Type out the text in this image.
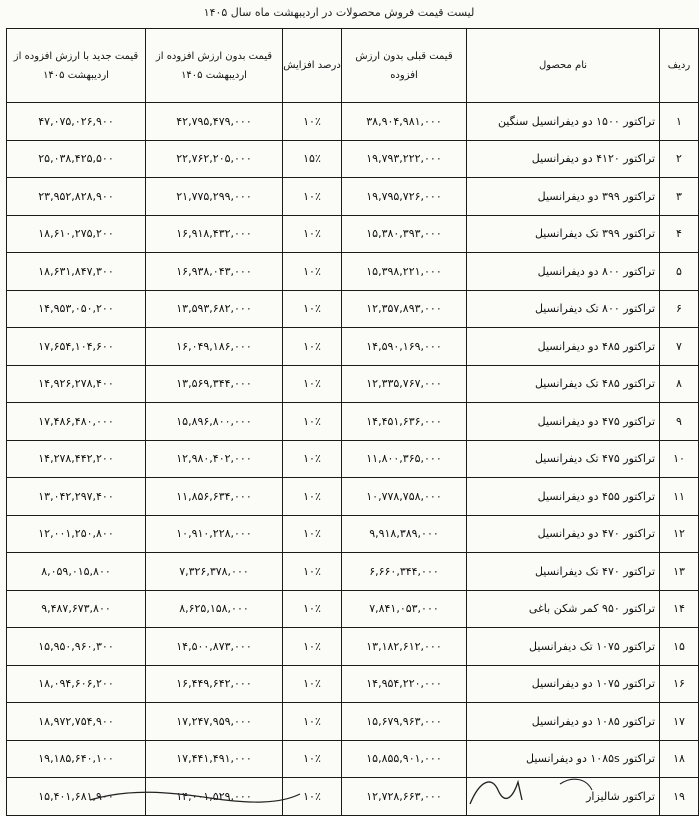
لیست قیمت فروش محصولات در اردیبهشت ماه سال ۱۴۰۵
ردیف	نام محصول	قیمت قبلی بدون ارزش افزوده	درصد افزایش	قیمت بدون ارزش افزوده از اردیبهشت ۱۴۰۵	قیمت جدید با ارزش افزوده از اردیبهشت ۱۴۰۵
۱	تراکتور ۱۵۰۰ دو دیفرانسیل سنگین	۳۸,۹۰۴,۹۸۱,۰۰۰	۱۰٪	۴۲,۷۹۵,۴۷۹,۰۰۰	۴۷,۰۷۵,۰۲۶,۹۰۰
۲	تراکتور ۴۱۲۰ دو دیفرانسیل	۱۹,۷۹۳,۲۲۲,۰۰۰	۱۵٪	۲۲,۷۶۲,۲۰۵,۰۰۰	۲۵,۰۳۸,۴۲۵,۵۰۰
۳	تراکتور ۳۹۹ دو دیفرانسیل	۱۹,۷۹۵,۷۲۶,۰۰۰	۱۰٪	۲۱,۷۷۵,۲۹۹,۰۰۰	۲۳,۹۵۲,۸۲۸,۹۰۰
۴	تراکتور ۳۹۹ تک دیفرانسیل	۱۵,۳۸۰,۳۹۳,۰۰۰	۱۰٪	۱۶,۹۱۸,۴۳۲,۰۰۰	۱۸,۶۱۰,۲۷۵,۲۰۰
۵	تراکتور ۸۰۰ دو دیفرانسیل	۱۵,۳۹۸,۲۲۱,۰۰۰	۱۰٪	۱۶,۹۳۸,۰۴۳,۰۰۰	۱۸,۶۳۱,۸۴۷,۳۰۰
۶	تراکتور ۸۰۰ تک دیفرانسیل	۱۲,۳۵۷,۸۹۳,۰۰۰	۱۰٪	۱۳,۵۹۳,۶۸۲,۰۰۰	۱۴,۹۵۳,۰۵۰,۲۰۰
۷	تراکتور ۴۸۵ دو دیفرانسیل	۱۴,۵۹۰,۱۶۹,۰۰۰	۱۰٪	۱۶,۰۴۹,۱۸۶,۰۰۰	۱۷,۶۵۴,۱۰۴,۶۰۰
۸	تراکتور ۴۸۵ تک دیفرانسیل	۱۲,۳۳۵,۷۶۷,۰۰۰	۱۰٪	۱۳,۵۶۹,۳۴۴,۰۰۰	۱۴,۹۲۶,۲۷۸,۴۰۰
۹	تراکتور ۴۷۵ دو دیفرانسیل	۱۴,۴۵۱,۶۳۶,۰۰۰	۱۰٪	۱۵,۸۹۶,۸۰۰,۰۰۰	۱۷,۴۸۶,۴۸۰,۰۰۰
۱۰	تراکتور ۴۷۵ تک دیفرانسیل	۱۱,۸۰۰,۳۶۵,۰۰۰	۱۰٪	۱۲,۹۸۰,۴۰۲,۰۰۰	۱۴,۲۷۸,۴۴۲,۲۰۰
۱۱	تراکتور ۴۵۵ دو دیفرانسیل	۱۰,۷۷۸,۷۵۸,۰۰۰	۱۰٪	۱۱,۸۵۶,۶۳۴,۰۰۰	۱۳,۰۴۲,۲۹۷,۴۰۰
۱۲	تراکتور ۴۷۰ دو دیفرانسیل	۹,۹۱۸,۳۸۹,۰۰۰	۱۰٪	۱۰,۹۱۰,۲۲۸,۰۰۰	۱۲,۰۰۱,۲۵۰,۸۰۰
۱۳	تراکتور ۴۷۰ تک دیفرانسیل	۶,۶۶۰,۳۴۴,۰۰۰	۱۰٪	۷,۳۲۶,۳۷۸,۰۰۰	۸,۰۵۹,۰۱۵,۸۰۰
۱۴	تراکتور ۹۵۰ کمر شکن باغی	۷,۸۴۱,۰۵۳,۰۰۰	۱۰٪	۸,۶۲۵,۱۵۸,۰۰۰	۹,۴۸۷,۶۷۳,۸۰۰
۱۵	تراکتور ۱۰۷۵ تک دیفرانسیل	۱۳,۱۸۲,۶۱۲,۰۰۰	۱۰٪	۱۴,۵۰۰,۸۷۳,۰۰۰	۱۵,۹۵۰,۹۶۰,۳۰۰
۱۶	تراکتور ۱۰۷۵ دو دیفرانسیل	۱۴,۹۵۴,۲۲۰,۰۰۰	۱۰٪	۱۶,۴۴۹,۶۴۲,۰۰۰	۱۸,۰۹۴,۶۰۶,۲۰۰
۱۷	تراکتور ۱۰۸۵ دو دیفرانسیل	۱۵,۶۷۹,۹۶۳,۰۰۰	۱۰٪	۱۷,۲۴۷,۹۵۹,۰۰۰	۱۸,۹۷۲,۷۵۴,۹۰۰
۱۸	تراکتور ۱۰۸۵s دو دیفرانسیل	۱۵,۸۵۵,۹۰۱,۰۰۰	۱۰٪	۱۷,۴۴۱,۴۹۱,۰۰۰	۱۹,۱۸۵,۶۴۰,۱۰۰
۱۹	تراکتور شالیزار	۱۲,۷۲۸,۶۶۳,۰۰۰	۱۰٪	۱۴,۰۰۱,۵۲۹,۰۰۰	۱۵,۴۰۱,۶۸۱,۹۰۰
